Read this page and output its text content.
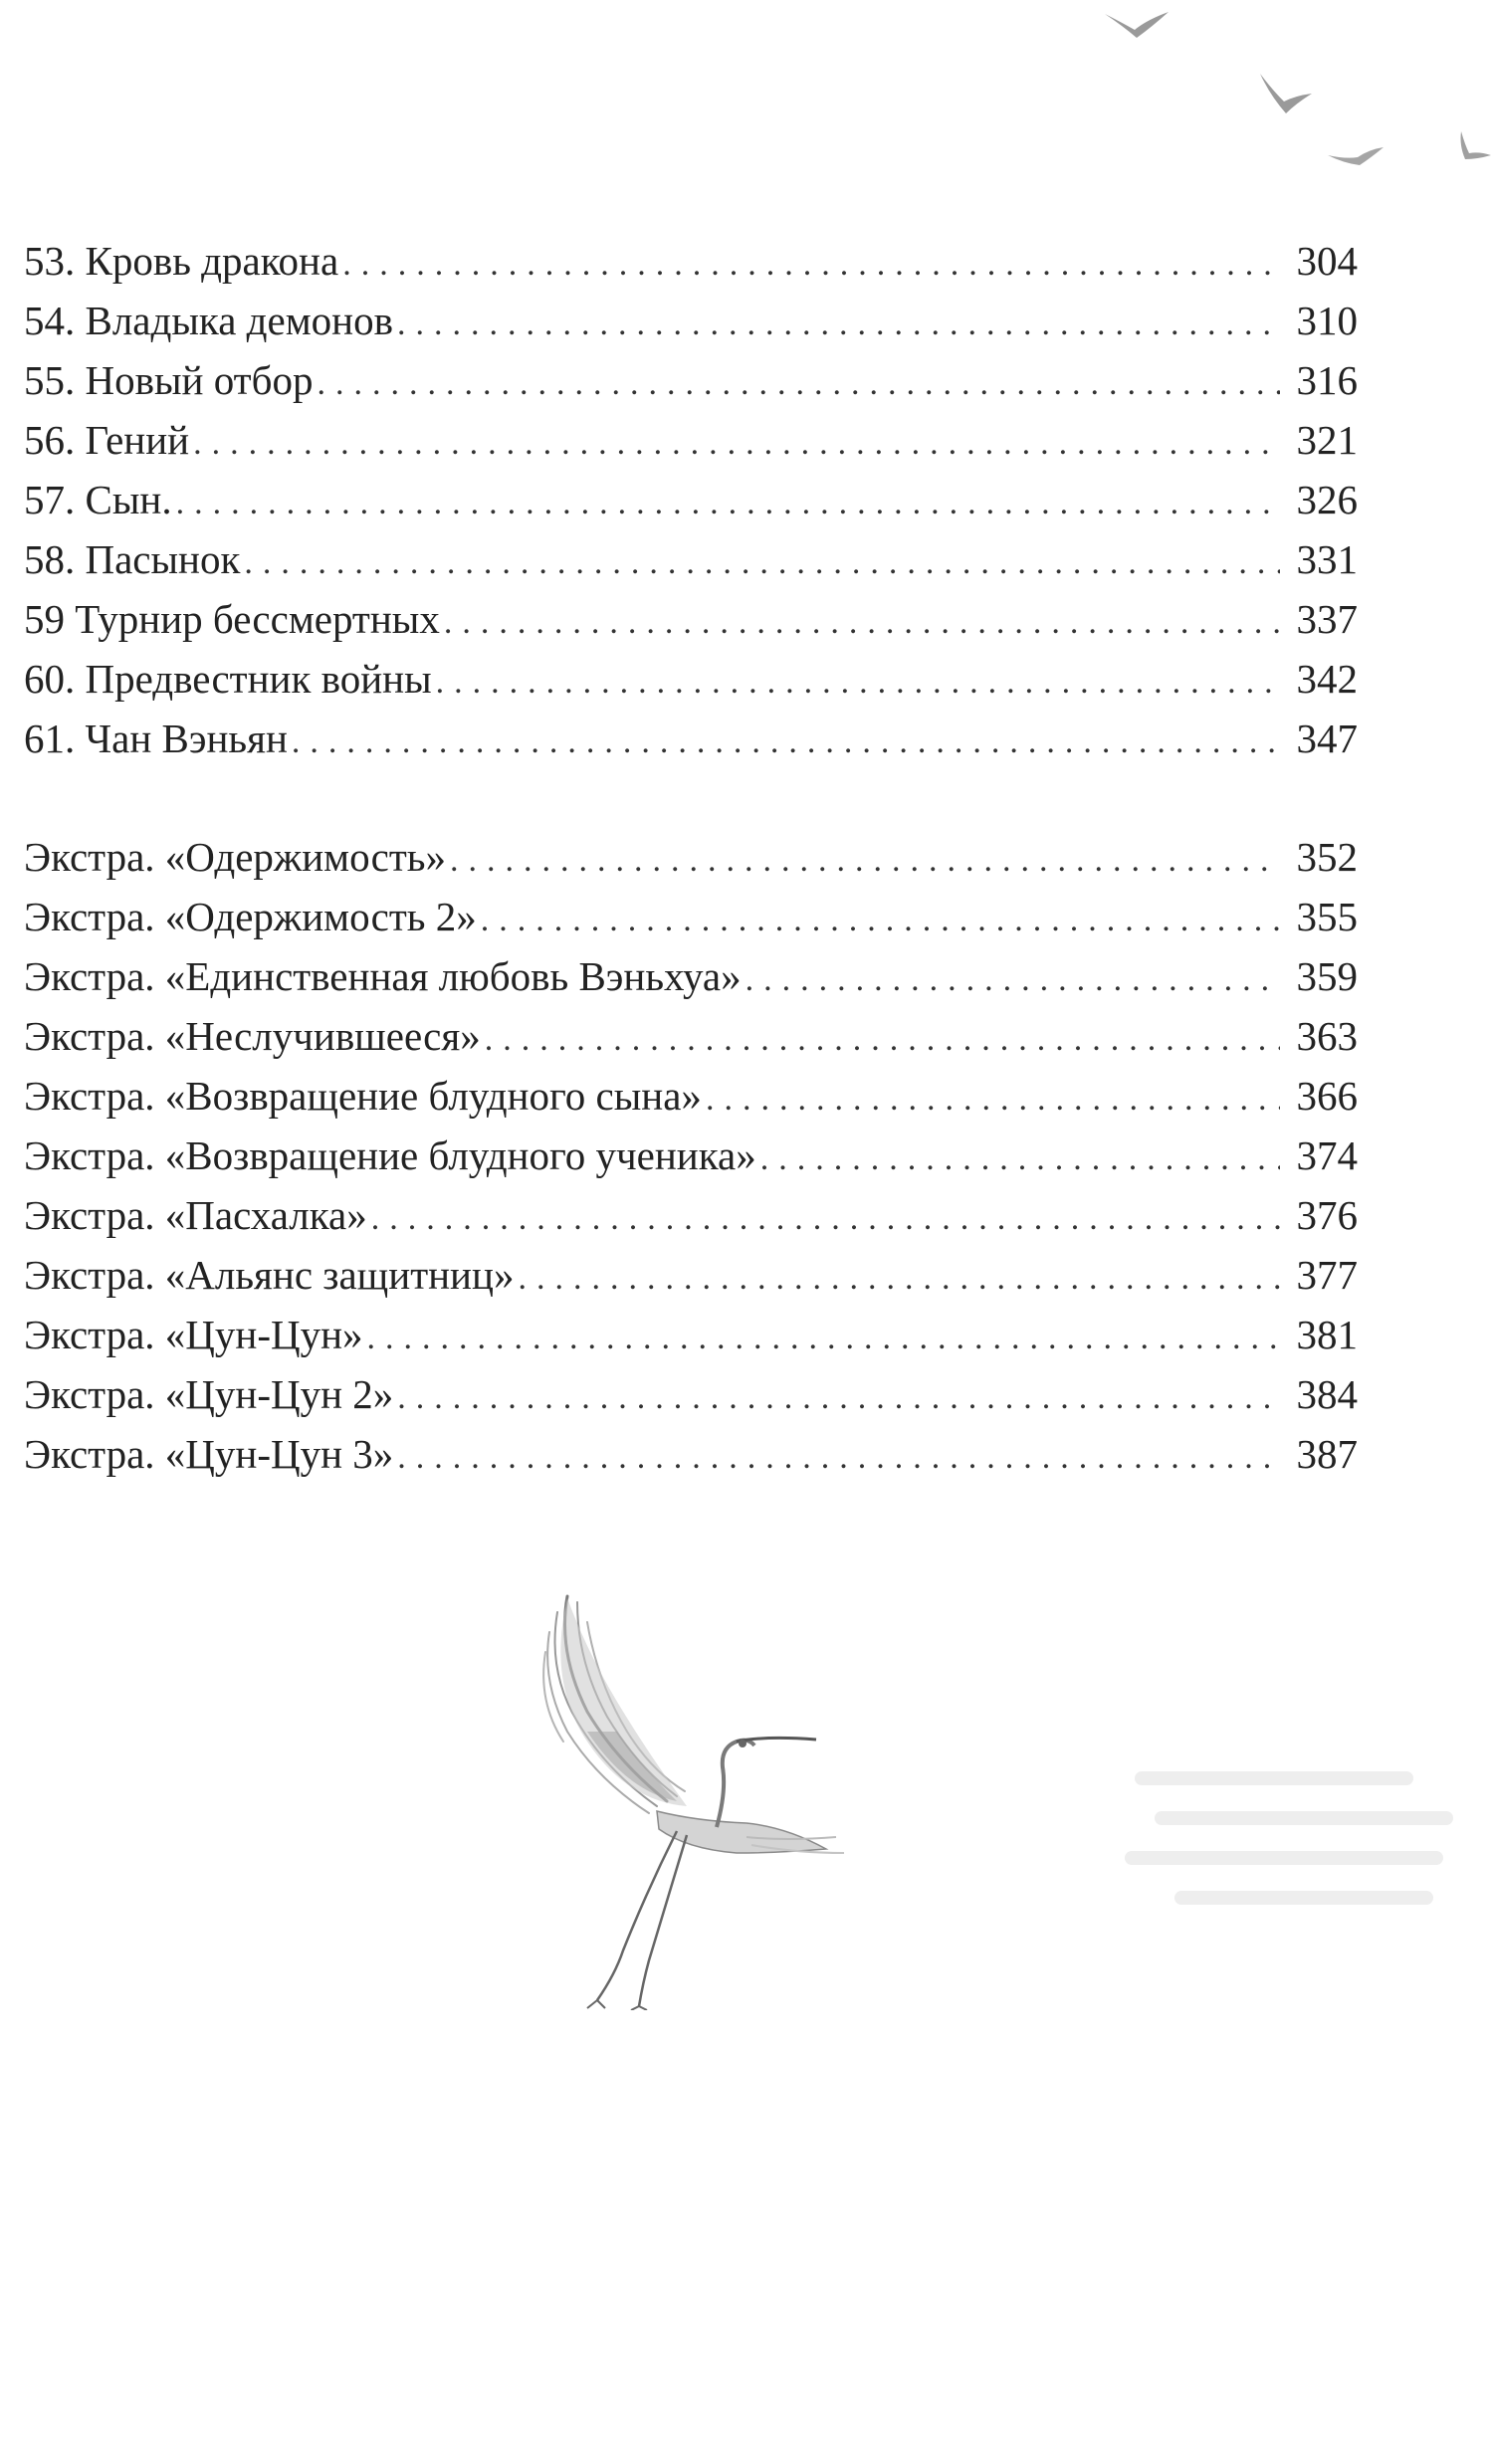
53. Кровь дракона .....	304
54. Владыка демонов .....	310
55. Новый отбор .....	316
56. Гений .....	321
57. Сын. .....	326
58. Пасынок .....	331
59 Турнир бессмертных .....	337
60. Предвестник войны .....	342
61. Чан Вэньян .....	347
Экстра. «Одержимость» .....	352
Экстра. «Одержимость 2» .....	355
Экстра. «Единственная любовь Вэньхуа» .....	359
Экстра. «Неслучившееся» .....	363
Экстра. «Возвращение блудного сына» .....	366
Экстра. «Возвращение блудного ученика» .....	374
Экстра. «Пасхалка» .....	376
Экстра. «Альянс защитниц» .....	377
Экстра. «Цун-Цун» .....	381
Экстра. «Цун-Цун 2» .....	384
Экстра. «Цун-Цун 3» .....	387
